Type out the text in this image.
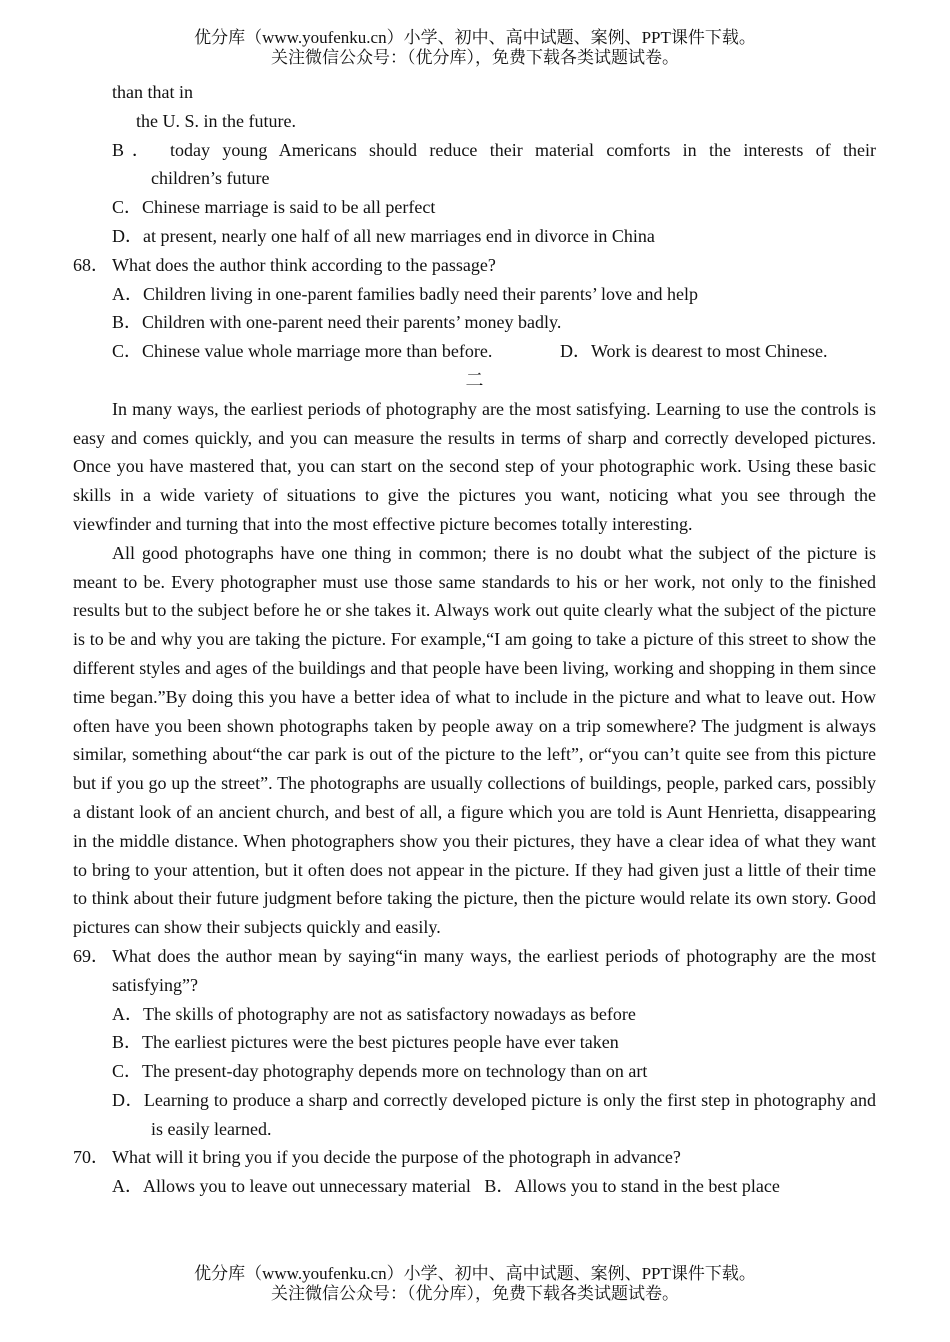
优分库（www.youfenku.cn）小学、初中、高中试题、案例、PPT课件下载。
关注微信公众号：（优分库），免费下载各类试题试卷。
than that in
the U. S. in the future.
B． today young Americans should reduce their material comforts in the interests of their
children’s future
C．Chinese marriage is said to be all perfect
D．at present, nearly one half of all new marriages end in divorce in China
68． What does the author think according to the passage?
A．Children living in one-parent families badly need their parents’ love and help
B．Children with one-parent need their parents’ money badly.
C．Chinese value whole marriage more than before.	D．Work is dearest to most Chinese.
二
In many ways, the earliest periods of photography are the most satisfying. Learning to use the controls is easy and comes quickly, and you can measure the results in terms of sharp and correctly developed pictures. Once you have mastered that, you can start on the second step of your photographic work. Using these basic skills in a wide variety of situations to give the pictures you want, noticing what you see through the viewfinder and turning that into the most effective picture becomes totally interesting.
All good photographs have one thing in common; there is no doubt what the subject of the picture is meant to be. Every photographer must use those same standards to his or her work, not only to the finished results but to the subject before he or she takes it. Always work out quite clearly what the subject of the picture is to be and why you are taking the picture. For example,“I am going to take a picture of this street to show the different styles and ages of the buildings and that people have been living, working and shopping in them since time began.”By doing this you have a better idea of what to include in the picture and what to leave out. How often have you been shown photographs taken by people away on a trip somewhere? The judgment is always similar, something about“the car park is out of the picture to the left”, or“you can’t quite see from this picture but if you go up the street”. The photographs are usually collections of buildings, people, parked cars, possibly a distant look of an ancient church, and best of all, a figure which you are told is Aunt Henrietta, disappearing in the middle distance. When photographers show you their pictures, they have a clear idea of what they want to bring to your attention, but it often does not appear in the picture. If they had given just a little of their time to think about their future judgment before taking the picture, then the picture would relate its own story. Good pictures can show their subjects quickly and easily.
69． What does the author mean by saying“in many ways, the earliest periods of photography are the most satisfying”?
A．The skills of photography are not as satisfactory nowadays as before
B．The earliest pictures were the best pictures people have ever taken
C．The present-day photography depends more on technology than on art
D．Learning to produce a sharp and correctly developed picture is only the first step in photography and is easily learned.
70． What will it bring you if you decide the purpose of the photograph in advance?
A．Allows you to leave out unnecessary material B．Allows you to stand in the best place
优分库（www.youfenku.cn）小学、初中、高中试题、案例、PPT课件下载。
关注微信公众号：（优分库），免费下载各类试题试卷。
